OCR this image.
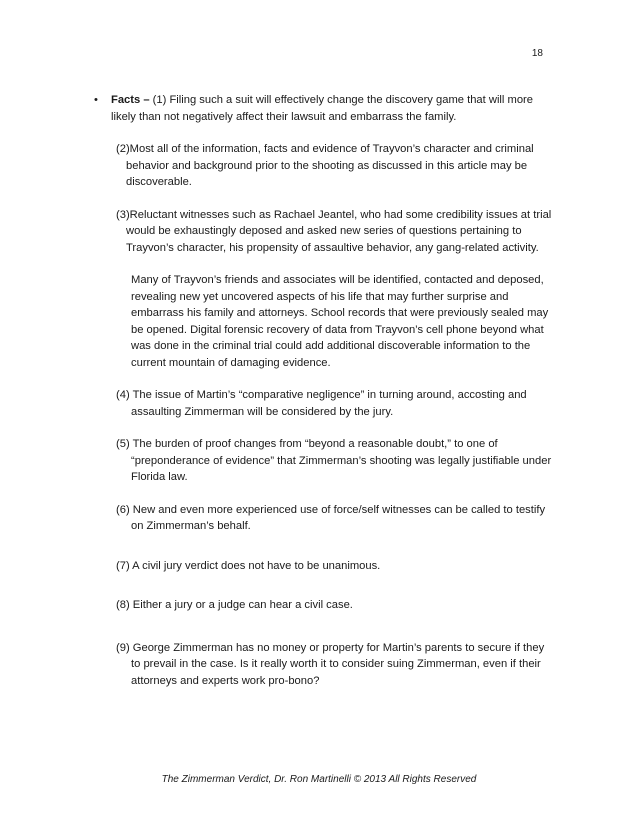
18
• Facts – (1) Filing such a suit will effectively change the discovery game that will more likely than not negatively affect their lawsuit and embarrass the family.
(2)Most all of the information, facts and evidence of Trayvon’s character and criminal behavior and background prior to the shooting as discussed in this article may be discoverable.
(3)Reluctant witnesses such as Rachael Jeantel, who had some credibility issues at trial would be exhaustingly deposed and asked new series of questions pertaining to Trayvon’s character, his propensity of assaultive behavior, any gang-related activity.
Many of Trayvon’s friends and associates will be identified, contacted and deposed, revealing new yet uncovered aspects of his life that may further surprise and embarrass his family and attorneys. School records that were previously sealed may be opened. Digital forensic recovery of data from Trayvon’s cell phone beyond what was done in the criminal trial could add additional discoverable information to the current mountain of damaging evidence.
(4) The issue of Martin’s “comparative negligence” in turning around, accosting and assaulting Zimmerman will be considered by the jury.
(5) The burden of proof changes from “beyond a reasonable doubt,” to one of “preponderance of evidence” that Zimmerman’s shooting was legally justifiable under Florida law.
(6) New and even more experienced use of force/self witnesses can be called to testify on Zimmerman’s behalf.
(7) A civil jury verdict does not have to be unanimous.
(8) Either a jury or a judge can hear a civil case.
(9) George Zimmerman has no money or property for Martin’s parents to secure if they to prevail in the case. Is it really worth it to consider suing Zimmerman, even if their attorneys and experts work pro-bono?
The Zimmerman Verdict, Dr. Ron Martinelli © 2013 All Rights Reserved
